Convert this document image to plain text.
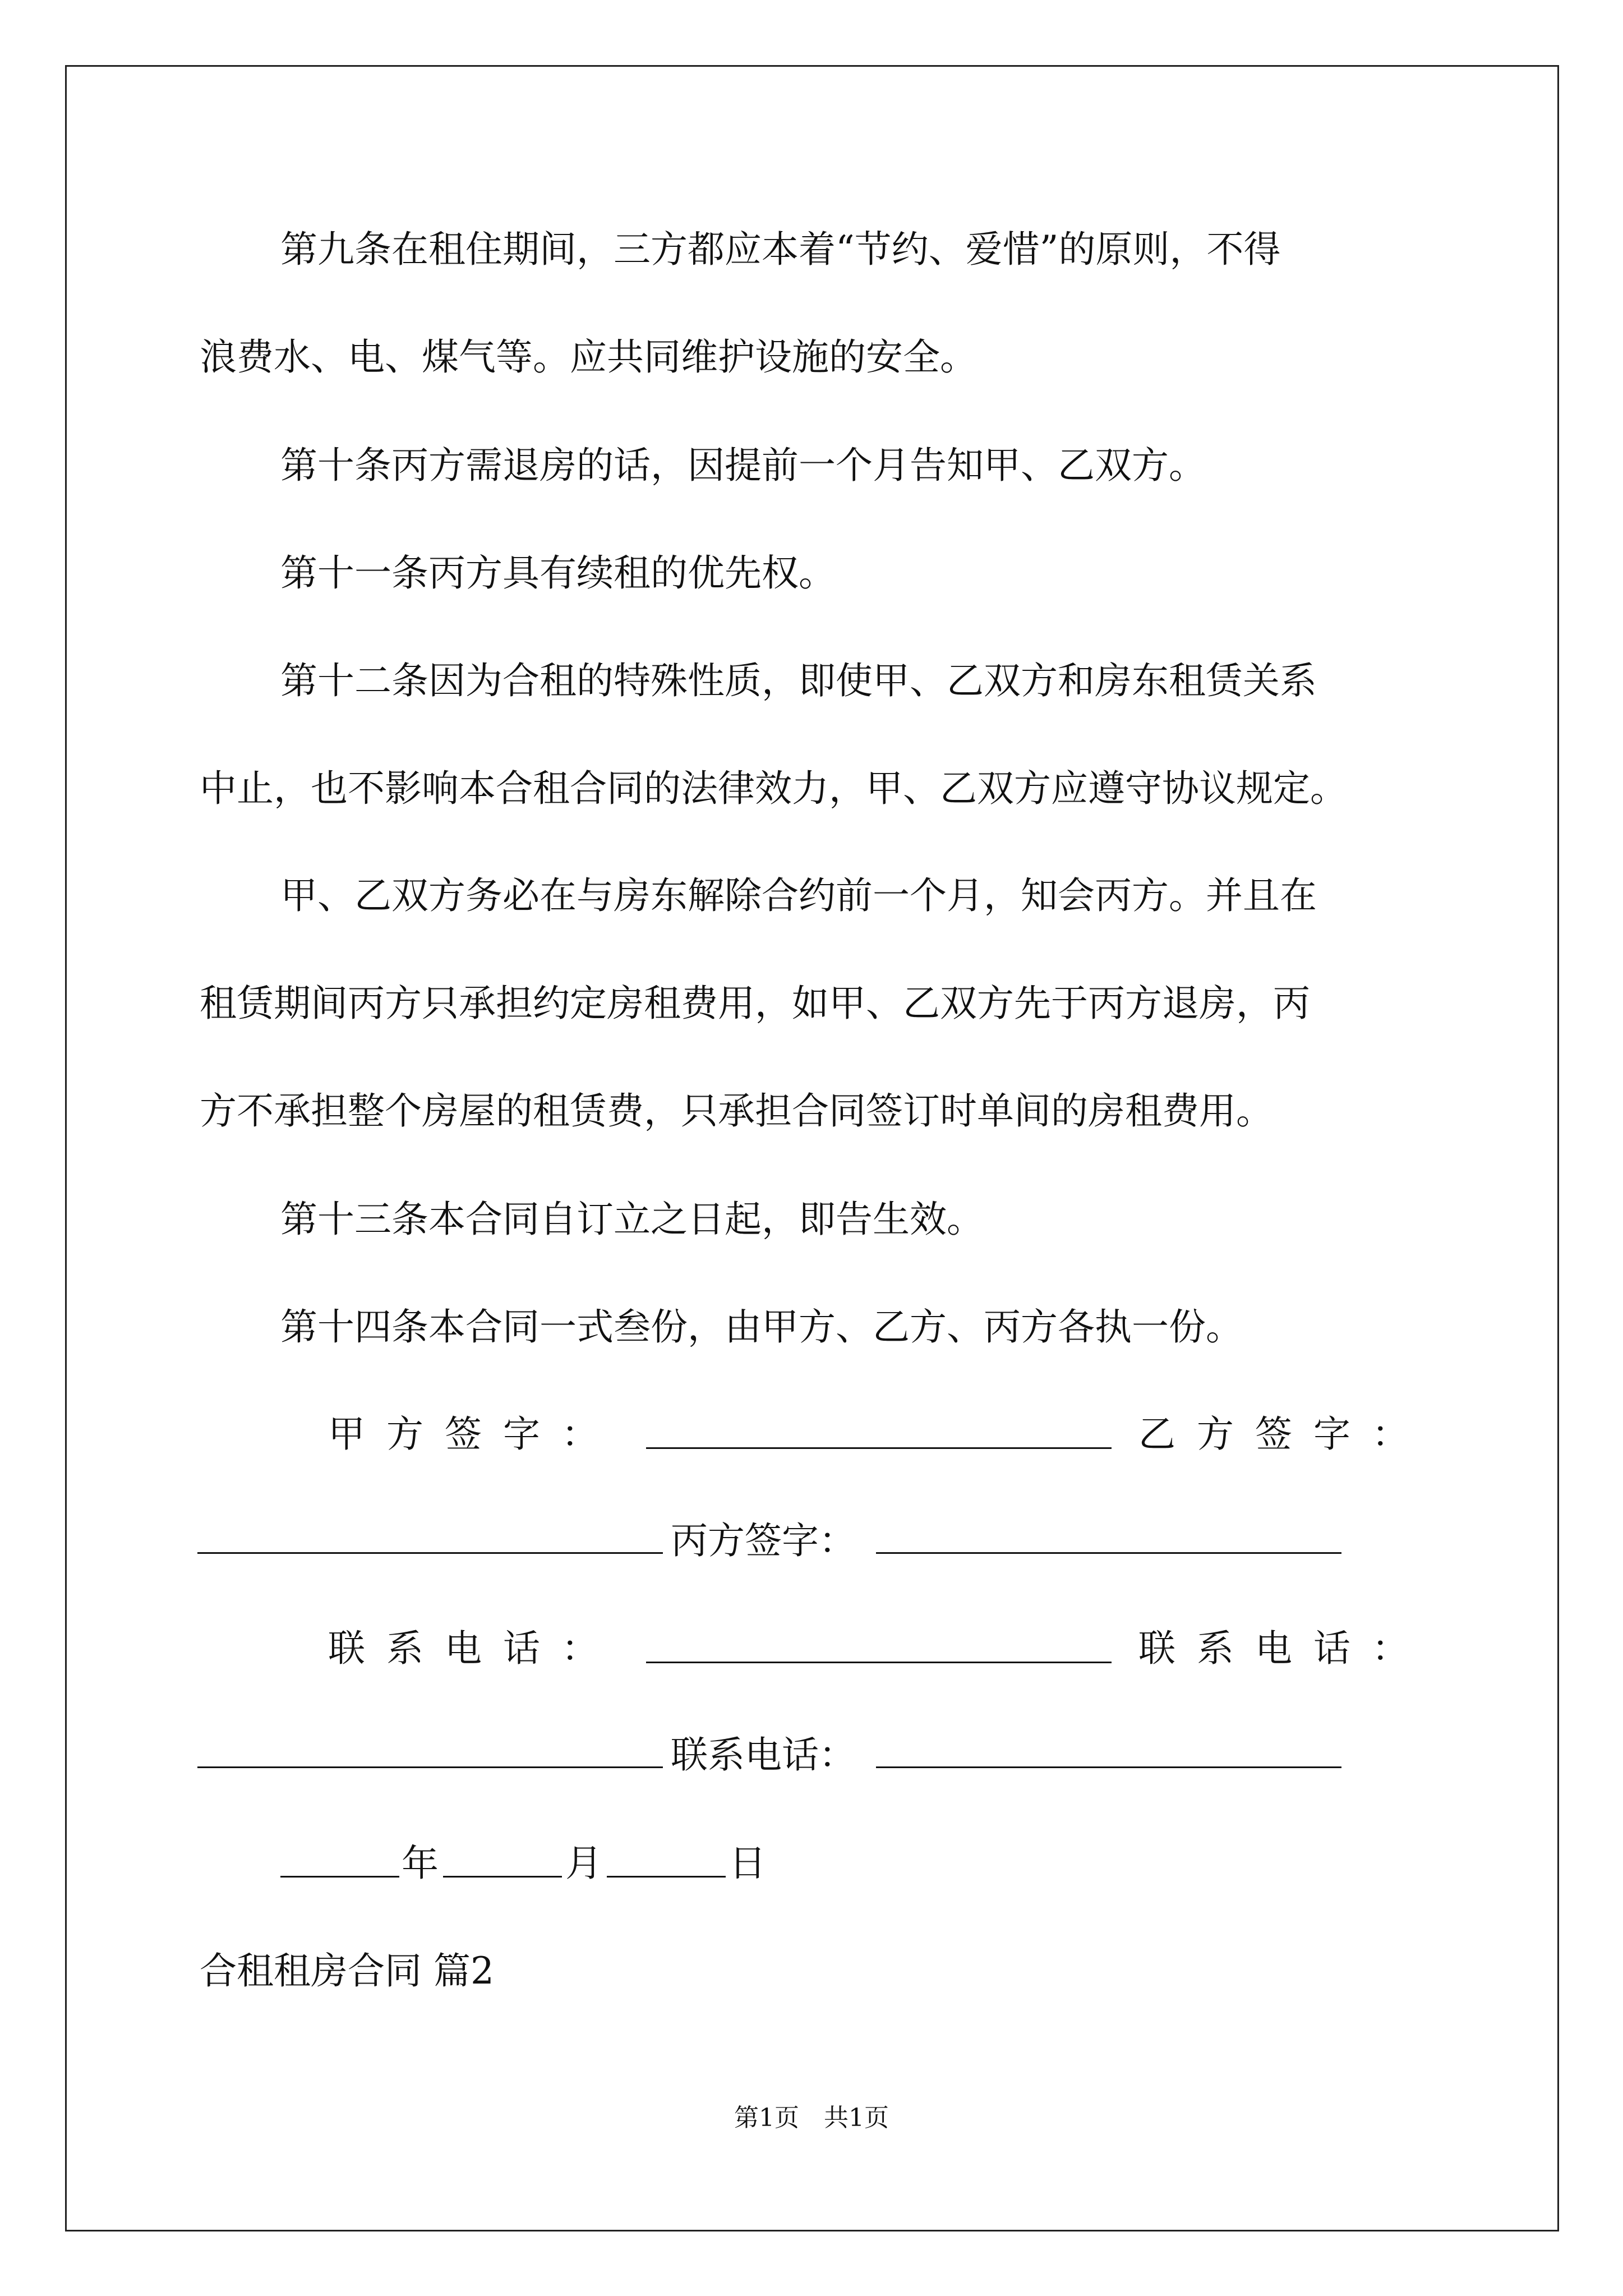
第九条在租住期间，三方都应本着“节约、爱惜”的原则，不得
浪费水、电、煤气等。应共同维护设施的安全。
第十条丙方需退房的话，因提前一个月告知甲、乙双方。
第十一条丙方具有续租的优先权。
第十二条因为合租的特殊性质，即使甲、乙双方和房东租赁关系
中止，也不影响本合租合同的法律效力，甲、乙双方应遵守协议规定。
甲、乙双方务必在与房东解除合约前一个月，知会丙方。并且在
租赁期间丙方只承担约定房租费用，如甲、乙双方先于丙方退房，丙
方不承担整个房屋的租赁费，只承担合同签订时单间的房租费用。
第十三条本合同自订立之日起，即告生效。
第十四条本合同一式叁份，由甲方、乙方、丙方各执一份。
甲方签字：	乙方签字：
丙方签字：
联系电话：	联系电话：
联系电话：
年	月	日
合租租房合同 篇2
第1页　共1页
